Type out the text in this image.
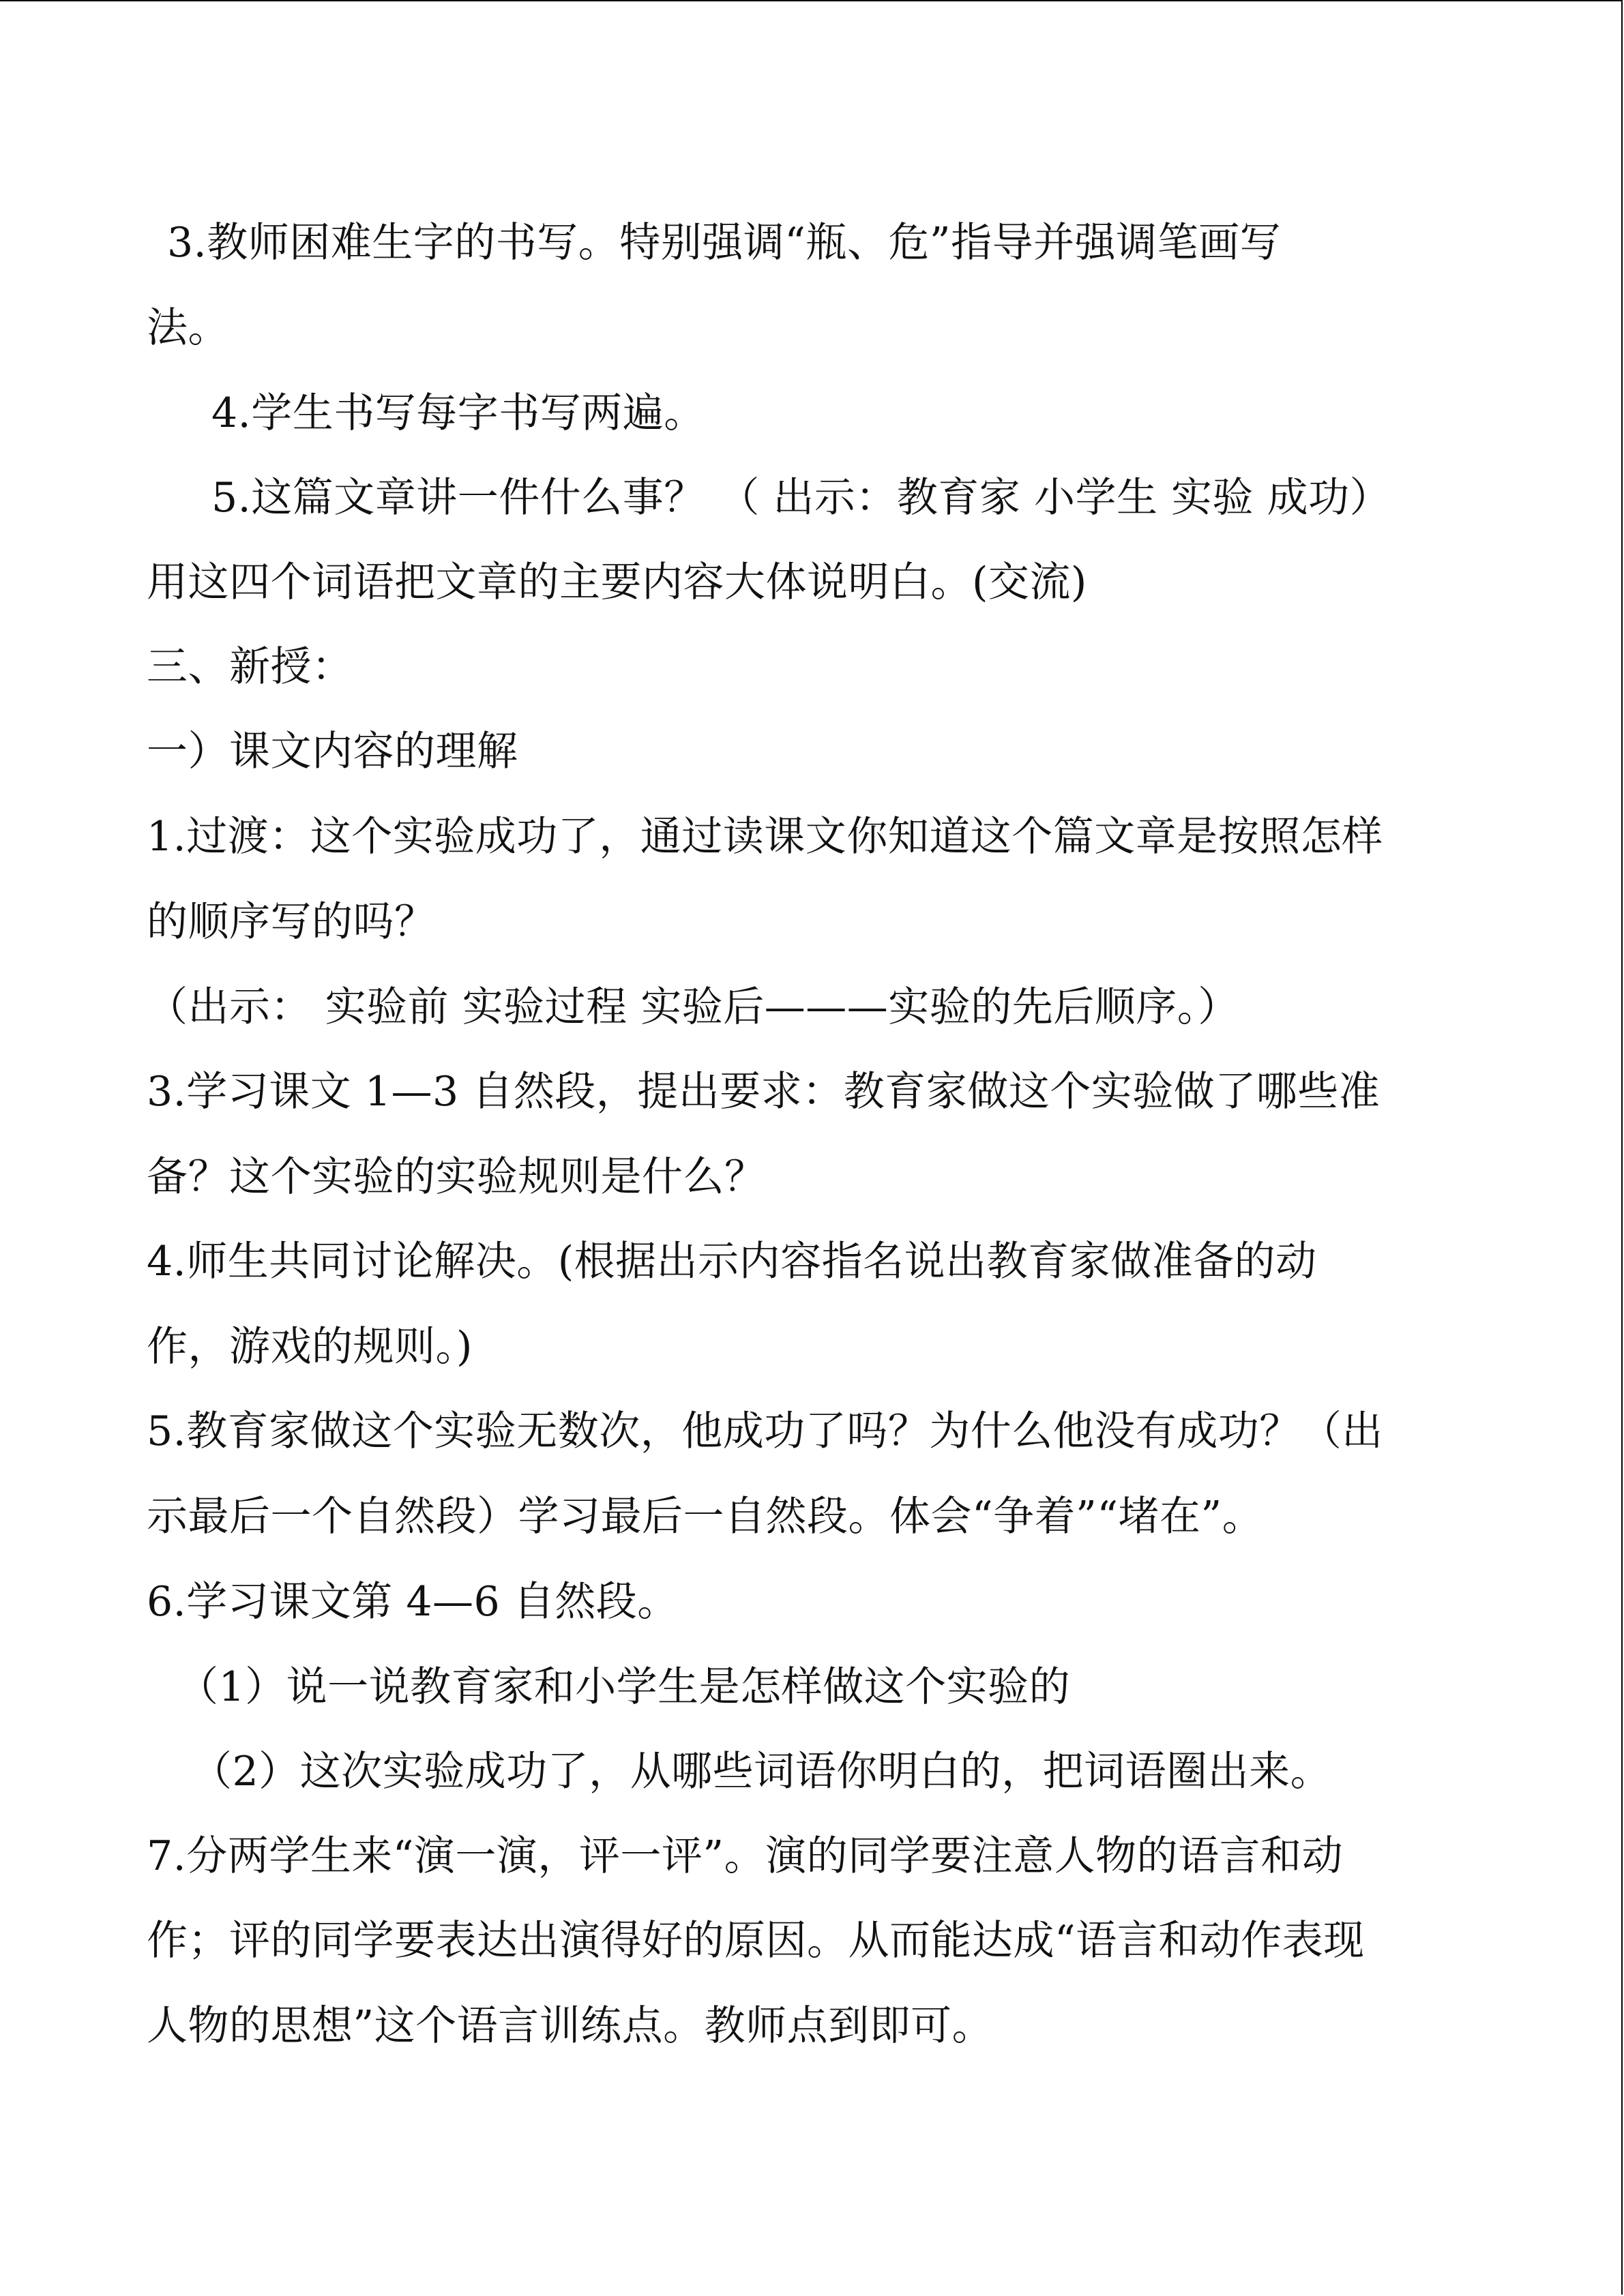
3.教师困难生字的书写。特别强调“瓶、危”指导并强调笔画写
法。
4.学生书写每字书写两遍。
5.这篇文章讲一件什么事？ （ 出示：教育家 小学生 实验 成功）
用这四个词语把文章的主要内容大体说明白。(交流)
三、新授：
一）课文内容的理解
1.过渡：这个实验成功了，通过读课文你知道这个篇文章是按照怎样
的顺序写的吗？
（出示： 实验前 实验过程 实验后———实验的先后顺序。）
3.学习课文 1—3 自然段，提出要求：教育家做这个实验做了哪些准
备？这个实验的实验规则是什么？
4.师生共同讨论解决。(根据出示内容指名说出教育家做准备的动
作，游戏的规则。)
5.教育家做这个实验无数次，他成功了吗？为什么他没有成功？（出
示最后一个自然段）学习最后一自然段。体会“争着”“堵在”。
6.学习课文第 4—6 自然段。
（1）说一说教育家和小学生是怎样做这个实验的
（2）这次实验成功了，从哪些词语你明白的，把词语圈出来。
7.分两学生来“演一演，评一评”。演的同学要注意人物的语言和动
作；评的同学要表达出演得好的原因。从而能达成“语言和动作表现
人物的思想”这个语言训练点。教师点到即可。
